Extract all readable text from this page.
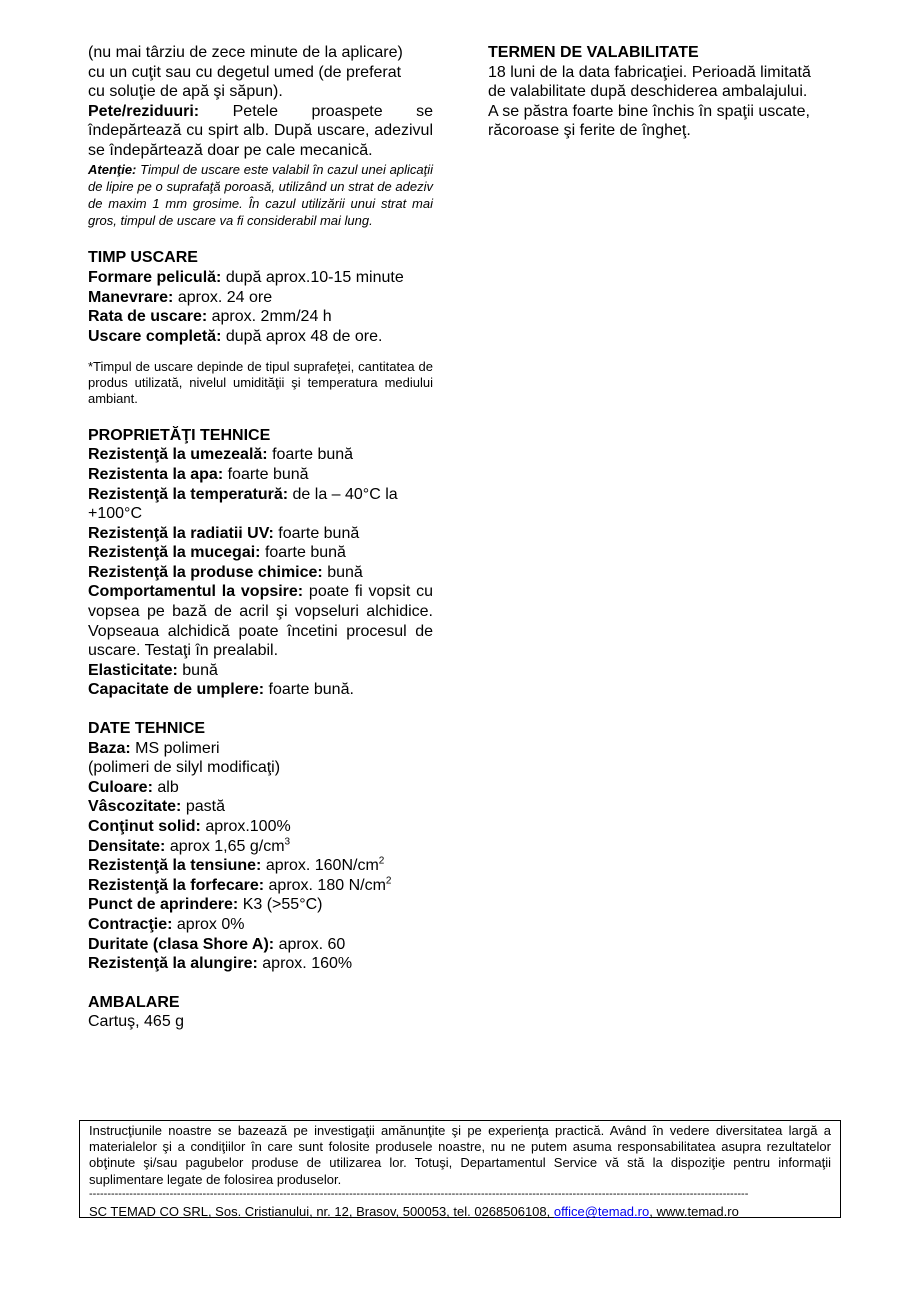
(nu mai târziu de zece minute de la aplicare)

cu un cuţit sau cu degetul umed (de preferat

cu soluţie de apă şi săpun).

Pete/reziduuri: Petele proaspete se îndepărtează cu spirt alb. După uscare, adezivul se îndepărtează doar pe cale mecanică.

Atenţie: Timpul de uscare este valabil în cazul unei aplicaţii de lipire pe o suprafaţă poroasă, utilizând un strat de adeziv de maxim 1 mm grosime. În cazul utilizării unui strat mai gros, timpul de uscare va fi considerabil mai lung.

TIMP USCARE

Formare peliculă: după aprox.10-15 minute

Manevrare: aprox. 24 ore

Rata de uscare: aprox. 2mm/24 h

Uscare completă: după aprox 48 de ore.

*Timpul de uscare depinde de tipul suprafeţei, cantitatea de produs utilizată, nivelul umidităţii şi temperatura mediului ambiant.

PROPRIETĂŢI TEHNICE

Rezistenţă la umezeală: foarte bună

Rezistenta la apa: foarte bună

Rezistenţă la temperatură: de la – 40°C la +100°C

Rezistenţă la radiatii UV: foarte bună

Rezistenţă la mucegai: foarte bună

Rezistenţă la produse chimice: bună

Comportamentul la vopsire: poate fi vopsit cu vopsea pe bază de acril şi vopseluri alchidice. Vopseaua alchidică poate încetini procesul de uscare. Testaţi în prealabil.

Elasticitate: bună

Capacitate de umplere: foarte bună.

DATE TEHNICE

Baza: MS polimeri

(polimeri de silyl modificaţi)

Culoare: alb

Vâscozitate: pastă

Conţinut solid: aprox.100%

Densitate: aprox 1,65 $g/cm^3$

Rezistenţă la tensiune: aprox. $160N/cm^2$

Rezistenţă la forfecare: aprox. 180 $N/cm^2$

Punct de aprindere: K3 (>55°C)

Contracţie: aprox 0%

Duritate (clasa Shore A): aprox. 60

Rezistenţă la alungire: aprox. 160%

AMBALARE

Cartuş, 465 g

TERMEN DE VALABILITATE

18 luni de la data fabricaţiei. Perioadă limitată

de valabilitate după deschiderea ambalajului.

A se păstra foarte bine închis în spaţii uscate,

răcoroase şi ferite de îngheţ.

Instrucţiunile noastre se bazează pe investigaţii amănunţite şi pe experienţa practică. Având în vedere diversitatea largă a materialelor şi a condiţiilor în care sunt folosite produsele noastre, nu ne putem asuma responsabilitatea asupra rezultatelor obţinute şi/sau pagubelor produse de utilizarea lor. Totuşi, Departamentul Service vă stă la dispoziţie pentru informaţii suplimentare legate de folosirea produselor.

------------------------------------------------------------------------------------------------------------------------------------------------------------------------------------
SC TEMAD CO SRL, Sos. Cristianului, nr. 12, Brasov, 500053, tel. 0268506108, office@temad.ro, www.temad.ro
